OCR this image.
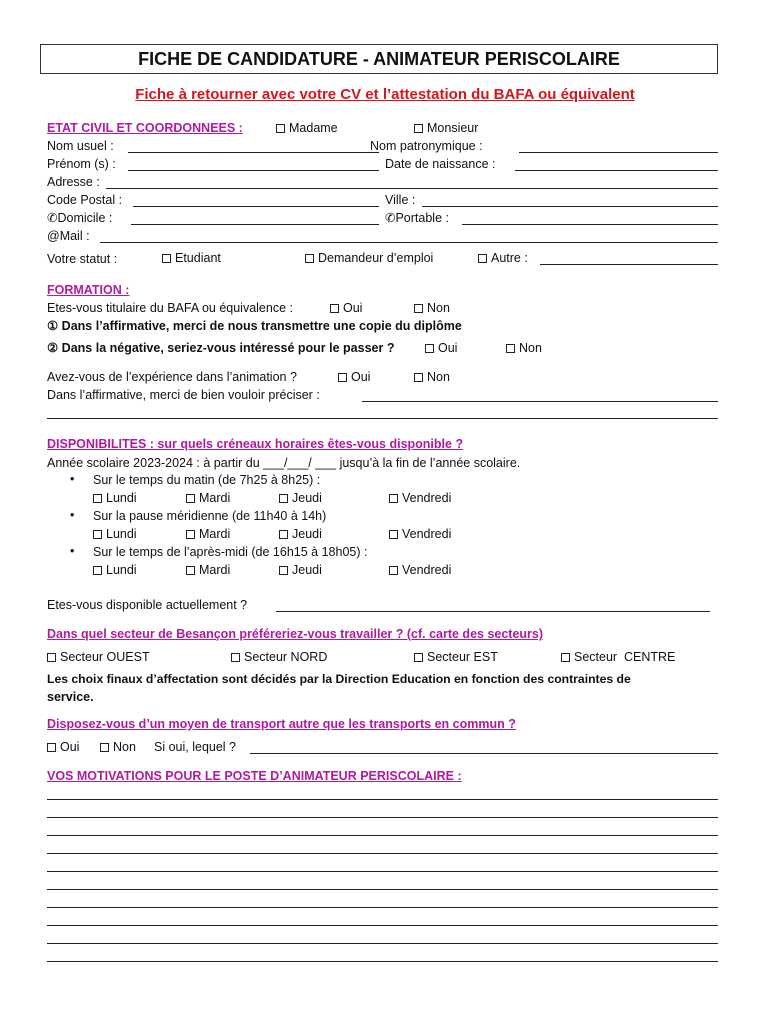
FICHE DE CANDIDATURE - ANIMATEUR PERISCOLAIRE
Fiche à retourner avec votre CV et l’attestation du BAFA ou équivalent
ETAT CIVIL ET COORDONNEES :	Madame	Monsieur
Nom usuel :	Nom patronymique :
Prénom (s) :	Date de naissance :
Adresse :
Code Postal :	Ville :
✆Domicile :	✆Portable :
@Mail :
Votre statut :	Etudiant	Demandeur d’emploi	Autre :
FORMATION :
Etes-vous titulaire du BAFA ou équivalence :	Oui	Non
① Dans l’affirmative, merci de nous transmettre une copie du diplôme
② Dans la négative, seriez-vous intéressé pour le passer ?	Oui	Non
Avez-vous de l’expérience dans l’animation ?	Oui	Non
Dans l’affirmative, merci de bien vouloir préciser :
DISPONIBILITES : sur quels créneaux horaires êtes-vous disponible ?
Année scolaire 2023-2024 : à partir du ___/___/ ___ jusqu’à la fin de l’année scolaire.
• Sur le temps du matin (de 7h25 à 8h25) :
Lundi	Mardi	Jeudi	Vendredi
• Sur la pause méridienne (de 11h40 à 14h)
Lundi	Mardi	Jeudi	Vendredi
• Sur le temps de l’après-midi (de 16h15 à 18h05) :
Lundi	Mardi	Jeudi	Vendredi
Etes-vous disponible actuellement ?
Dans quel secteur de Besançon préféreriez-vous travailler ? (cf. carte des secteurs)
Secteur OUEST	Secteur NORD	Secteur EST	Secteur  CENTRE
Les choix finaux d’affectation sont décidés par la Direction Education en fonction des contraintes de
service.
Disposez-vous d’un moyen de transport autre que les transports en commun ?
Oui	Non Si oui, lequel ?
VOS MOTIVATIONS POUR LE POSTE D’ANIMATEUR PERISCOLAIRE :
